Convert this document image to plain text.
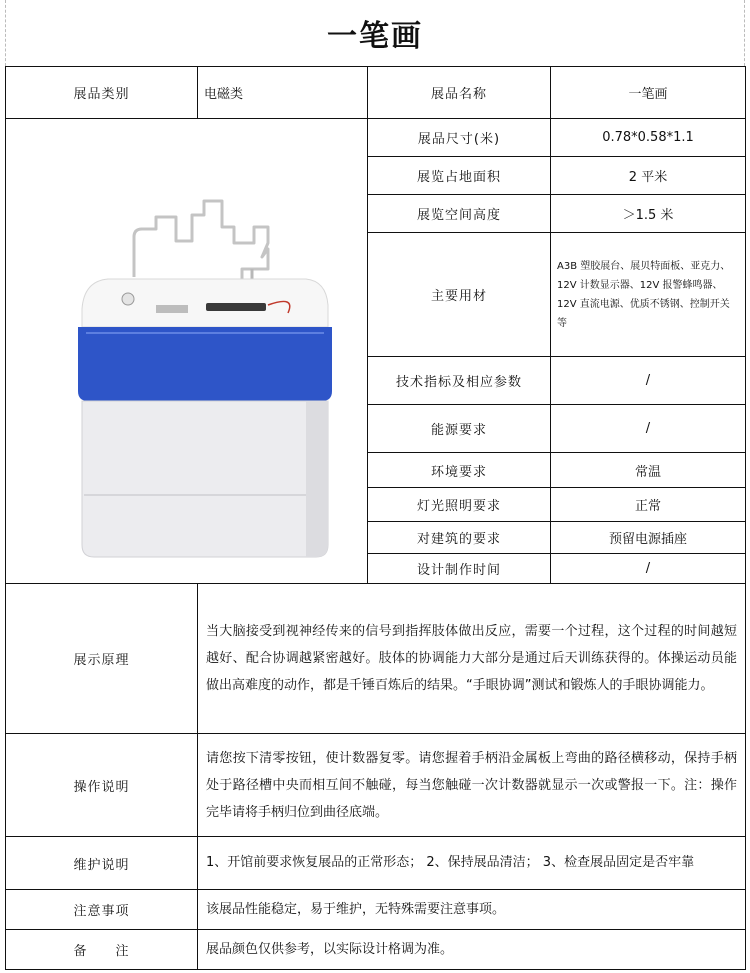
一笔画
展品类别	电磁类	展品名称	一笔画
	展品尺寸(米)	0.78*0.58*1.1
		展览占地面积	2 平米
		展览空间高度	＞1.5 米
		主要用材	A3B 塑胶展台、展贝特面板、亚克力、12V 计数显示器、12V 报警蜂鸣器、12V 直流电源、优质不锈钢、控制开关等
		技术指标及相应参数	/
		能源要求	/
		环境要求	常温
		灯光照明要求	正常
		对建筑的要求	预留电源插座
		设计制作时间	/
展示原理	当大脑接受到视神经传来的信号到指挥肢体做出反应，需要一个过程，这个过程的时间越短越好、配合协调越紧密越好。肢体的协调能力大部分是通过后天训练获得的。体操运动员能做出高难度的动作，都是千锤百炼后的结果。“手眼协调”测试和锻炼人的手眼协调能力。		
操作说明	请您按下清零按钮，使计数器复零。请您握着手柄沿金属板上弯曲的路径横移动，保持手柄处于路径槽中央而相互间不触碰，每当您触碰一次计数器就显示一次或警报一下。注：操作完毕请将手柄归位到曲径底端。		
维护说明	1、开馆前要求恢复展品的正常形态； 2、保持展品清洁； 3、检查展品固定是否牢靠		
注意事项	该展品性能稳定，易于维护，无特殊需要注意事项。		
备　　注	展品颜色仅供参考，以实际设计格调为准。		
